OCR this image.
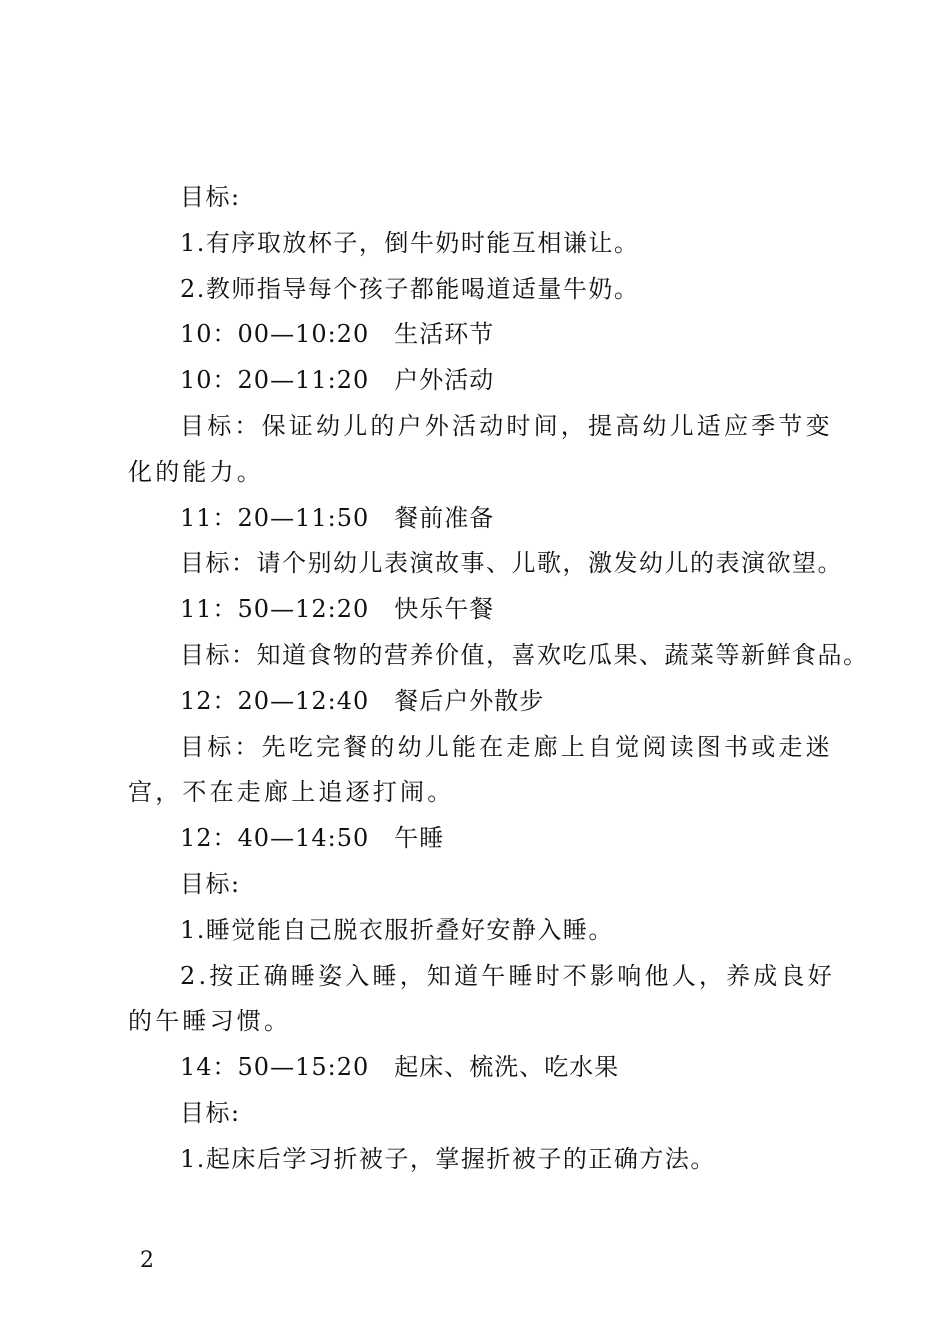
目标:
1.有序取放杯子，倒牛奶时能互相谦让。
2.教师指导每个孩子都能喝道适量牛奶。
10：00—10:20　生活环节
10：20—11:20　户外活动
目标：保证幼儿的户外活动时间，提高幼儿适应季节变化的能力。
11：20—11:50　餐前准备
目标：请个别幼儿表演故事、儿歌，激发幼儿的表演欲望。
11：50—12:20　快乐午餐
目标：知道食物的营养价值，喜欢吃瓜果、蔬菜等新鲜食品。
12：20—12:40　餐后户外散步
目标：先吃完餐的幼儿能在走廊上自觉阅读图书或走迷宫，不在走廊上追逐打闹。
12：40—14:50　午睡
目标:
1.睡觉能自己脱衣服折叠好安静入睡。
2.按正确睡姿入睡，知道午睡时不影响他人，养成良好的午睡习惯。
14：50—15:20　起床、梳洗、吃水果
目标:
1.起床后学习折被子，掌握折被子的正确方法。
2
